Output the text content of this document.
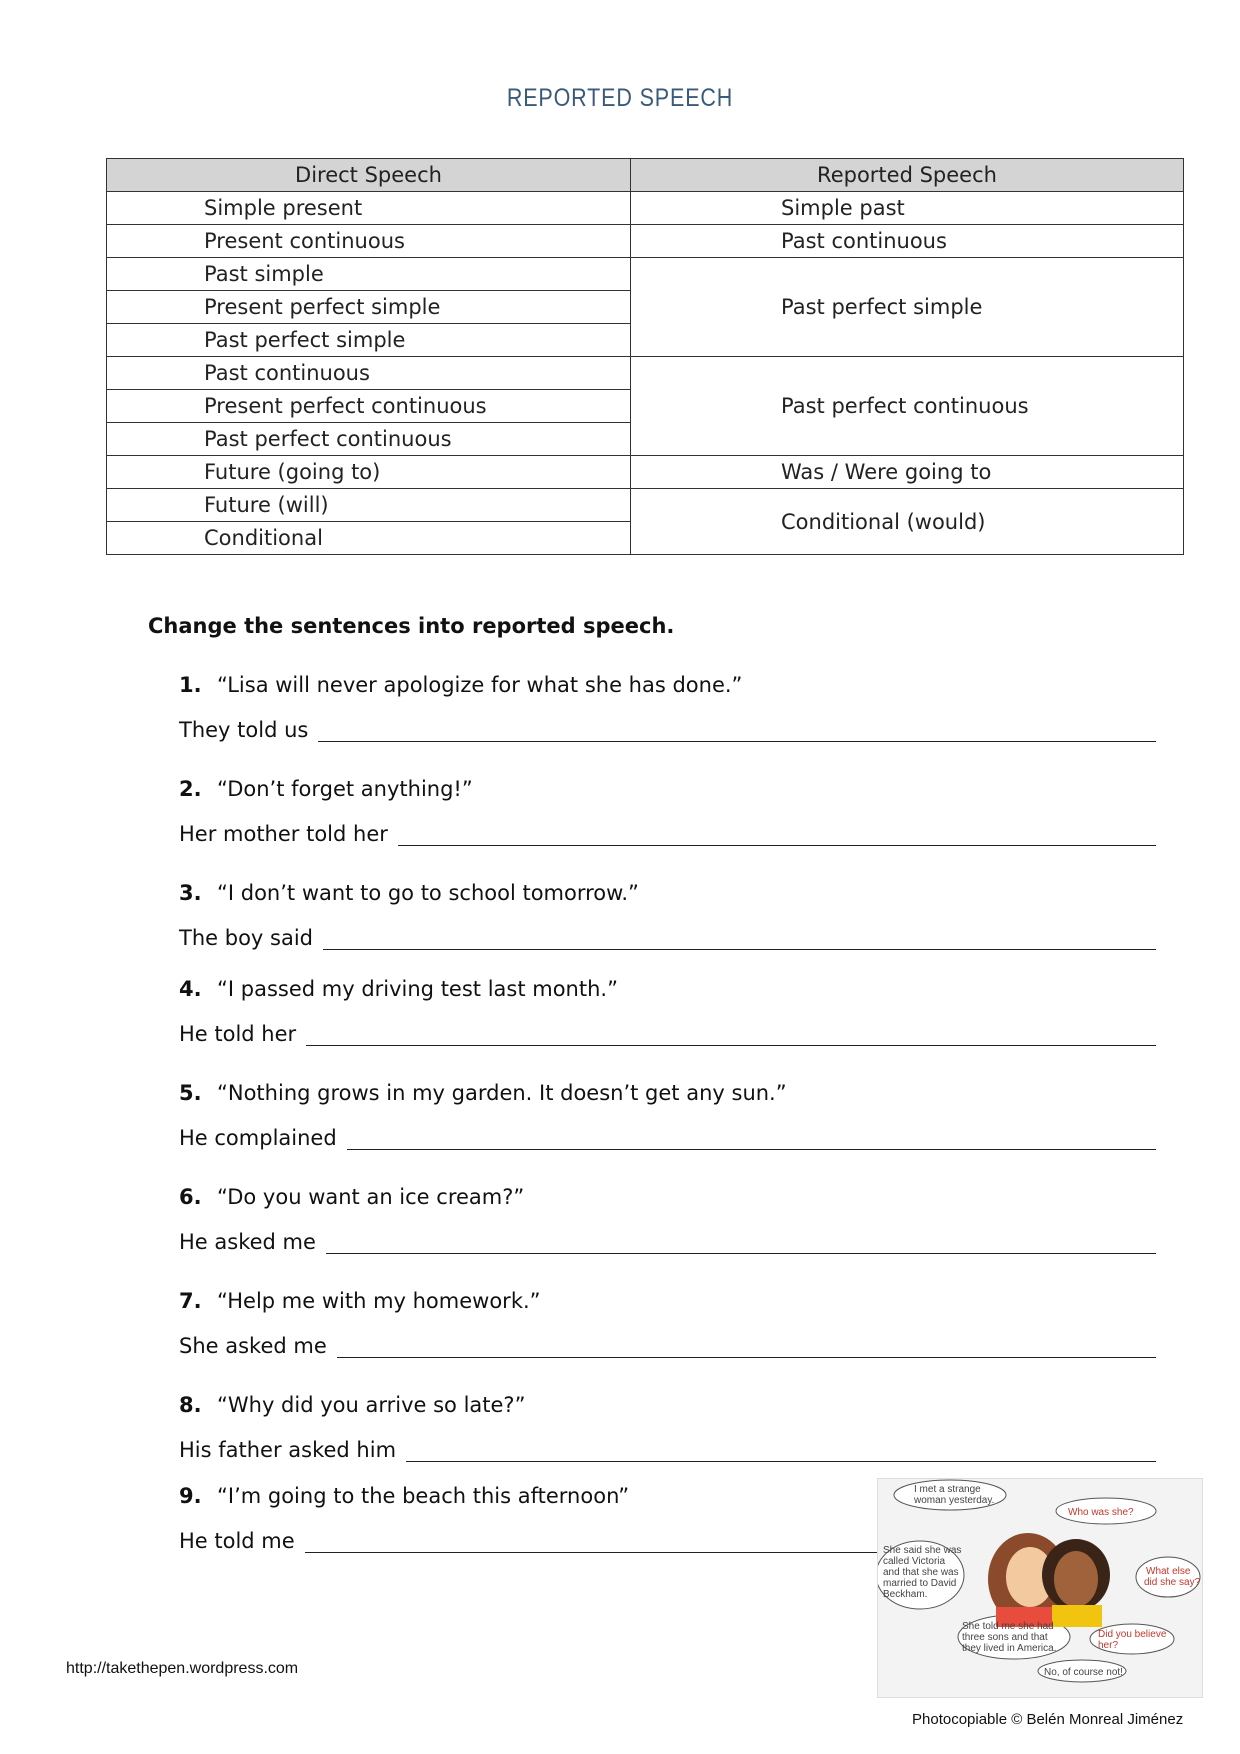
REPORTED SPEECH
Direct Speech	Reported Speech
Simple present	Simple past
Present continuous	Past continuous
Past simple	Past perfect simple
Present perfect simple	
Past perfect simple	
Past continuous	Past perfect continuous
Present perfect continuous	
Past perfect continuous	
Future (going to)	Was / Were going to
Future (will)	Conditional (would)
Conditional	
Change the sentences into reported speech.
1. “Lisa will never apologize for what she has done.”
They told us
2. “Don’t forget anything!”
Her mother told her
3. “I don’t want to go to school tomorrow.”
The boy said
4. “I passed my driving test last month.”
He told her
5. “Nothing grows in my garden. It doesn’t get any sun.”
He complained
6. “Do you want an ice cream?”
He asked me
7. “Help me with my homework.”
She asked me
8. “Why did you arrive so late?”
His father asked him
9. “I’m going to the beach this afternoon”
He told me
I met a strange
woman yesterday.
Who was she?
She said she was
called Victoria
and that she was
married to David
Beckham.
What else
did she say?
She told me she had
three sons and that
they lived in America.
Did you believe
her?
No, of course not!
http://takethepen.wordpress.com
Photocopiable © Belén Monreal Jiménez
